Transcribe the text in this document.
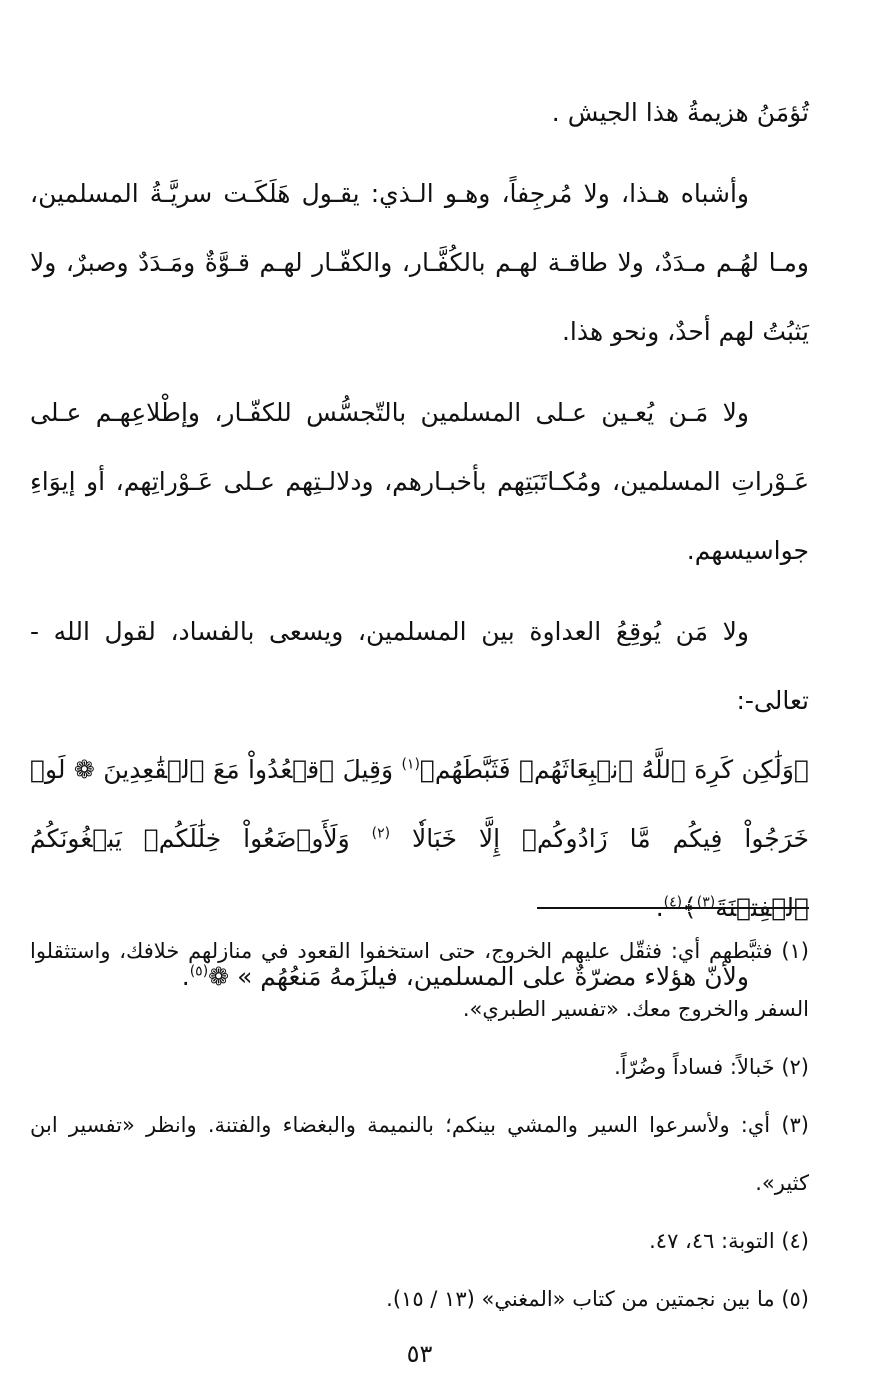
تُؤمَنُ هزيمةُ هذا الجيش .

وأشباه هـذا، ولا مُرجِفاً، وهـو الـذي: يقـول هَلَكَـت سريَّـةُ المسلمين، ومـا لهُـم مـدَدٌ، ولا طاقـة لهـم بالكُفَّـار، والكفّـار لهـم قـوَّةٌ ومَـدَدٌ وصبرٌ، ولا يَثبُتُ لهم أحدٌ، ونحو هذا.

ولا مَـن يُعـين عـلى المسلمين بالتّجسُّس للكفّـار، وإطْلاعِهـم عـلى عَـوْراتِ المسلمين، ومُكـاتَبَتِهم بأخبـارهم، ودلالـتِهم عـلى عَـوْراتِهم، أو إيوَاءِ جواسيسهم.

ولا مَن يُوقِعُ العداوة بين المسلمين، ويسعى بالفساد، لقول الله - تعالى-:

﴿وَلَٰكِن كَرِهَ ٱللَّهُ ٱنۢبِعَاثَهُمۡ فَثَبَّطَهُمۡ$^{(١)}$ وَقِيلَ ٱقۡعُدُواْ مَعَ ٱلۡقَٰعِدِينَ ❁ لَوۡ خَرَجُواْ فِيكُم مَّا زَادُوكُمۡ إِلَّا خَبَالٗا $^{(٢)}$ وَلَأَوۡضَعُواْ خِلَٰلَكُمۡ يَبۡغُونَكُمُ ٱلۡفِتۡنَةَ$^{(٣)}$﴾$^{(٤)}$.

ولأنّ هؤلاء مضرّةٌ على المسلمين، فيلزَمهُ مَنعُهُم » ❁$^{(٥)}$.

(١) فثبَّطهم أي: فثقّل عليهم الخروج، حتى استخفوا القعود في منازلهم خلافك، واستثقلوا السفر والخروج معك. «تفسير الطبري».

(٢) خَبالاً: فساداً وضُرّاً.

(٣) أي: ولأسرعوا السير والمشي بينكم؛ بالنميمة والبغضاء والفتنة. وانظر «تفسير ابن كثير».

(٤) التوبة: ٤٦، ٤٧.

(٥) ما بين نجمتين من كتاب «المغني» (١٣ / ١٥).

٥٣
